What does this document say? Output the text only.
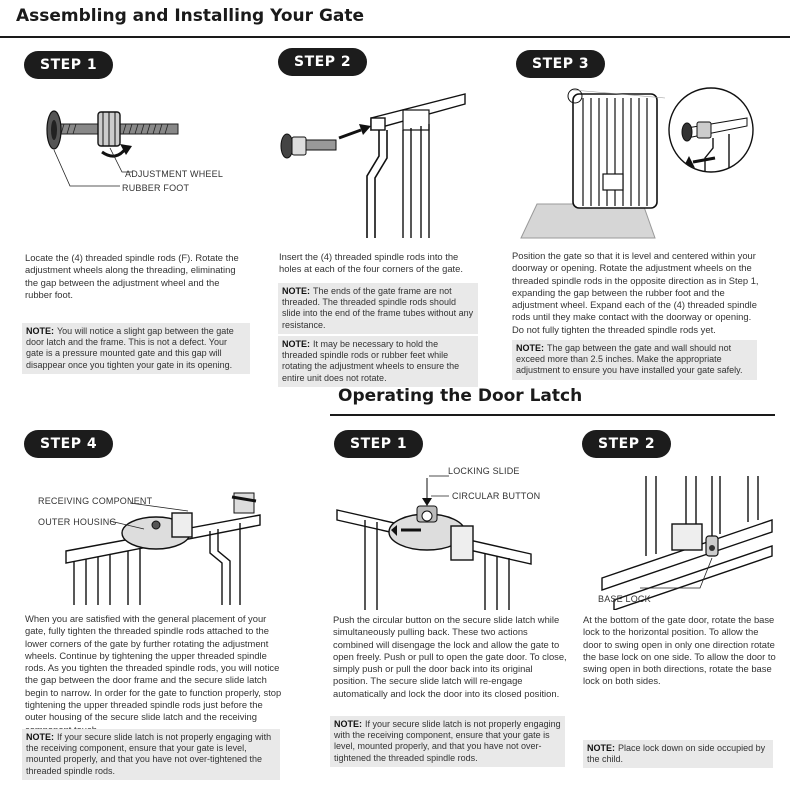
Assembling and Installing Your Gate
STEP 1
ADJUSTMENT WHEEL
RUBBER FOOT
Locate the (4) threaded spindle rods (F). Rotate the adjustment wheels along the threading, eliminating the gap between the adjustment wheel and the rubber foot.
NOTE: You will notice a slight gap between the gate door latch and the frame. This is not a defect. Your gate is a pressure mounted gate and this gap will disappear once you tighten your gate in its opening.
STEP 2
Insert the (4) threaded spindle rods into the holes at each of the four corners of the gate.
NOTE: The ends of the gate frame are not threaded. The threaded spindle rods should slide into the end of the frame tubes without any resistance.
NOTE: It may be necessary to hold the threaded spindle rods or rubber feet while rotating the adjustment wheels to ensure the entire unit does not rotate.
STEP 3
Position the gate so that it is level and centered within your doorway or opening. Rotate the adjustment wheels on the threaded spindle rods in the opposite direction as in Step 1, expanding the gap between the rubber foot and the adjustment wheel. Expand each of the (4) threaded spindle rods until they make contact with the doorway or opening. Do not fully tighten the threaded spindle rods yet.
NOTE: The gap between the gate and wall should not exceed more than 2.5 inches. Make the appropriate adjustment to ensure you have installed your gate safely.
Operating the Door Latch
STEP 4
RECEIVING COMPONENT
OUTER HOUSING
When you are satisfied with the general placement of your gate, fully tighten the threaded spindle rods attached to the lower corners of the gate by further rotating the adjustment wheels. Continue by tightening the upper threaded spindle rods. As you tighten the threaded spindle rods, you will notice the gap between the door frame and the secure slide latch begin to narrow. In order for the gate to function properly, stop tightening the upper threaded spindle rods just before the outer housing of the secure slide latch and the receiving
NOTE: If your secure slide latch is not properly engaging with the receiving component, ensure that your gate is level, mounted properly, and that you have not over-tightened the threaded spindle rods.
STEP 1
LOCKING SLIDE
CIRCULAR BUTTON
Push the circular button on the secure slide latch while simultaneously pulling back. These two actions combined will disengage the lock and allow the gate to open freely. Push or pull to open the gate door. To close, simply push or pull the door back into its original position. The secure slide latch will re-engage automatically and lock the door into its closed position.
NOTE: If your secure slide latch is not properly engaging with the receiving component, ensure that your gate is level, mounted properly, and that you have not over-tightened the threaded spindle rods.
STEP 2
BASE LOCK
At the bottom of the gate door, rotate the base lock to the horizontal position. To allow the door to swing open in only one direction rotate the base lock on one side. To allow the door to swing open in both directions, rotate the base lock on both sides.
NOTE: Place lock down on side occupied by the child.
